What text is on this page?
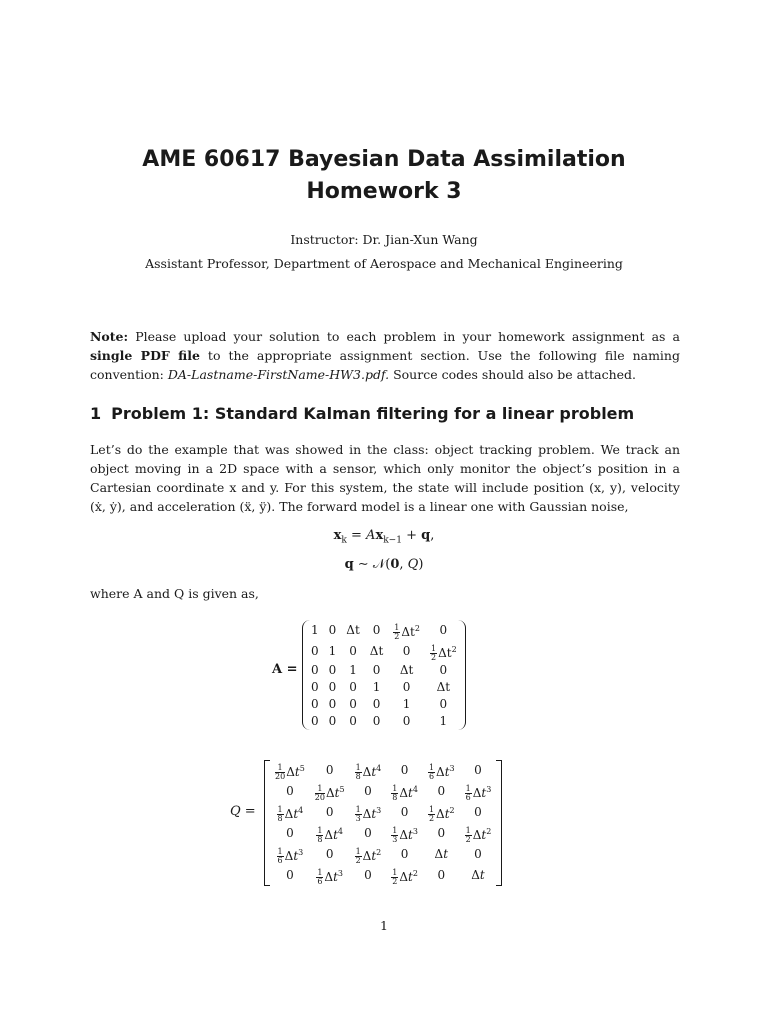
AME 60617 Bayesian Data Assimilation
Homework 3
Instructor: Dr. Jian-Xun Wang
Assistant Professor, Department of Aerospace and Mechanical Engineering
Note: Please upload your solution to each problem in your homework assignment as a single PDF file to the appropriate assignment section. Use the following file naming convention: DA-Lastname-FirstName-HW3.pdf. Source codes should also be attached.
1 Problem 1: Standard Kalman filtering for a linear problem
Let’s do the example that was showed in the class: object tracking problem. We track an object moving in a 2D space with a sensor, which only monitor the object’s position in a Cartesian coordinate x and y. For this system, the state will include position (x, y), velocity (ẋ, ẏ), and acceleration (ẍ, ÿ). The forward model is a linear one with Gaussian noise,
$x_k = Ax_{k-1} + q$,
q ∼ 𝒩(0, Q)
where A and Q is given as,
A =
1	0	Δt	0	$\frac{1}{2} \Delta t^2$	0
0	1	0	Δt	0	$\frac{1}{2} \Delta t^2$
0	0	1	0	Δt	0
0	0	0	1	0	Δt
0	0	0	0	1	0
0	0	0	0	0	1
Q =
$\frac{1}{20} \Delta t^5$	0	$\frac{1}{8} \Delta t^4$	0	$\frac{1}{6} \Delta t^3$	0
0	$\frac{1}{20} \Delta t^5$	0	$\frac{1}{8} \Delta t^4$	0	$\frac{1}{6} \Delta t^3$

$\frac{1}{8} \Delta t^4$	0	$\frac{1}{3} \Delta t^3$	0	$\frac{1}{2} \Delta t^2$	0
0	$\frac{1}{8} \Delta t^4$	0	$\frac{1}{3} \Delta t^3$	0	$\frac{1}{2} \Delta t^2$

$\frac{1}{6} \Delta t^3$	0	$\frac{1}{2} \Delta t^2$	0	Δt	0
0	$\frac{1}{6} \Delta t^3$	0	$\frac{1}{2} \Delta t^2$	0	Δt
1
